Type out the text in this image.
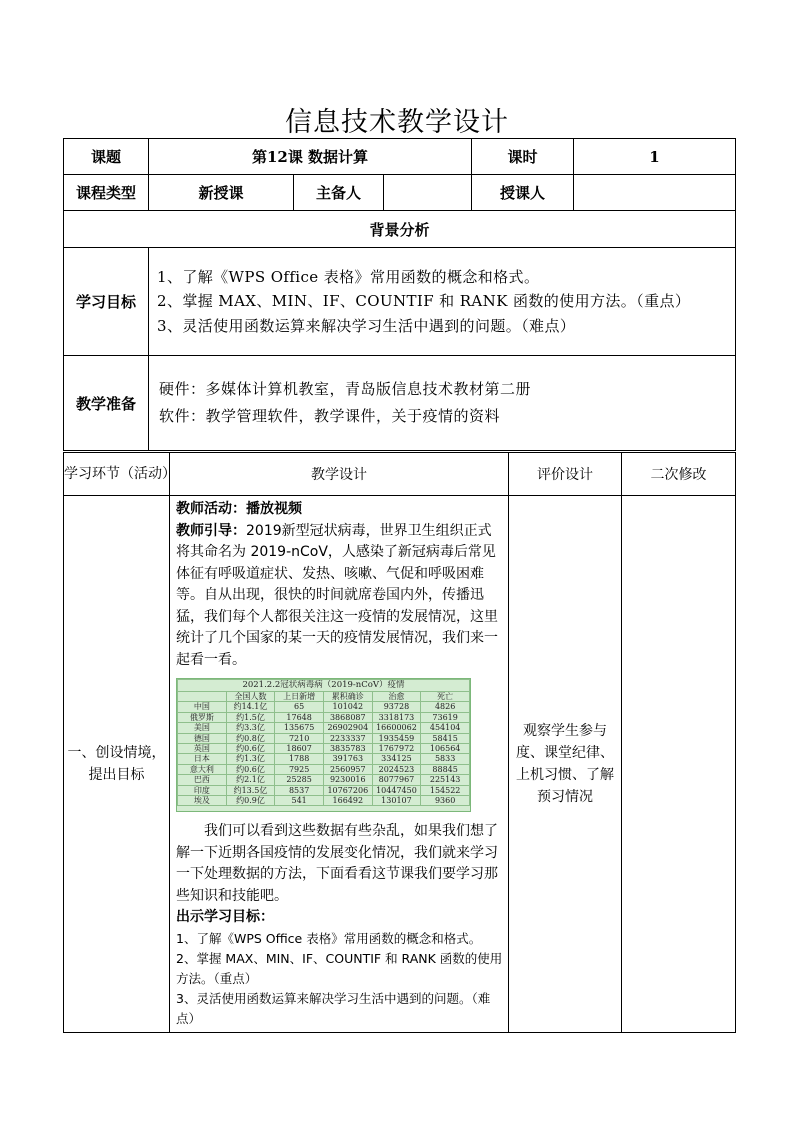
信息技术教学设计
课题	第12课 数据计算			课时	1
课程类型	新授课	主备人		授课人	
背景分析					
学习目标	1、了解《WPS Office 表格》常用函数的概念和格式。
2、掌握 MAX、MIN、IF、COUNTIF 和 RANK 函数的使用方法。（重点）
3、灵活使用函数运算来解决学习生活中遇到的问题。（难点）				

教学准备	硬件：多媒体计算机教室，青岛版信息技术教材第二册
软件：教学管理软件，教学课件，关于疫情的资料				
学习环节（活动）	教学设计	评价设计	二次修改
一、创设情境，提出目标	

教师活动：播放视频

教师引导：2019新型冠状病毒，世界卫生组织正式将其命名为 2019-nCoV，人感染了新冠病毒后常见体征有呼吸道症状、发热、咳嗽、气促和呼吸困难等。自从出现，很快的时间就席卷国内外，传播迅猛，我们每个人都很关注这一疫情的发展情况，这里统计了几个国家的某一天的疫情发展情况，我们来一起看一看。

2021.2.2冠状病毒病（2019-nCoV）疫情
	全国人数	上日新增	累积确诊	治愈	死亡
中国	约14.1亿	65	101042	93728	4826
俄罗斯	约1.5亿	17648	3868087	3318173	73619
美国	约3.3亿	135675	26902904	16600062	454104
德国	约0.8亿	7210	2233337	1935459	58415
英国	约0.6亿	18607	3835783	1767972	106564
日本	约1.3亿	1788	391763	334125	5833
意大利	约0.6亿	7925	2560957	2024523	88845
巴西	约2.1亿	25285	9230016	8077967	225143
印度	约13.5亿	8537	10767206	10447450	154522
埃及	约0.9亿	541	166492	130107	9360

我们可以看到这些数据有些杂乱，如果我们想了解一下近期各国疫情的发展变化情况，我们就来学习一下处理数据的方法，下面看看这节课我们要学习那些知识和技能吧。

出示学习目标：

1、了解《WPS Office 表格》常用函数的概念和格式。

2、掌握 MAX、MIN、IF、COUNTIF 和 RANK 函数的使用方法。（重点）

3、灵活使用函数运算来解决学习生活中遇到的问题。（难点）

	观察学生参与度、课堂纪律、上机习惯、了解预习情况	
